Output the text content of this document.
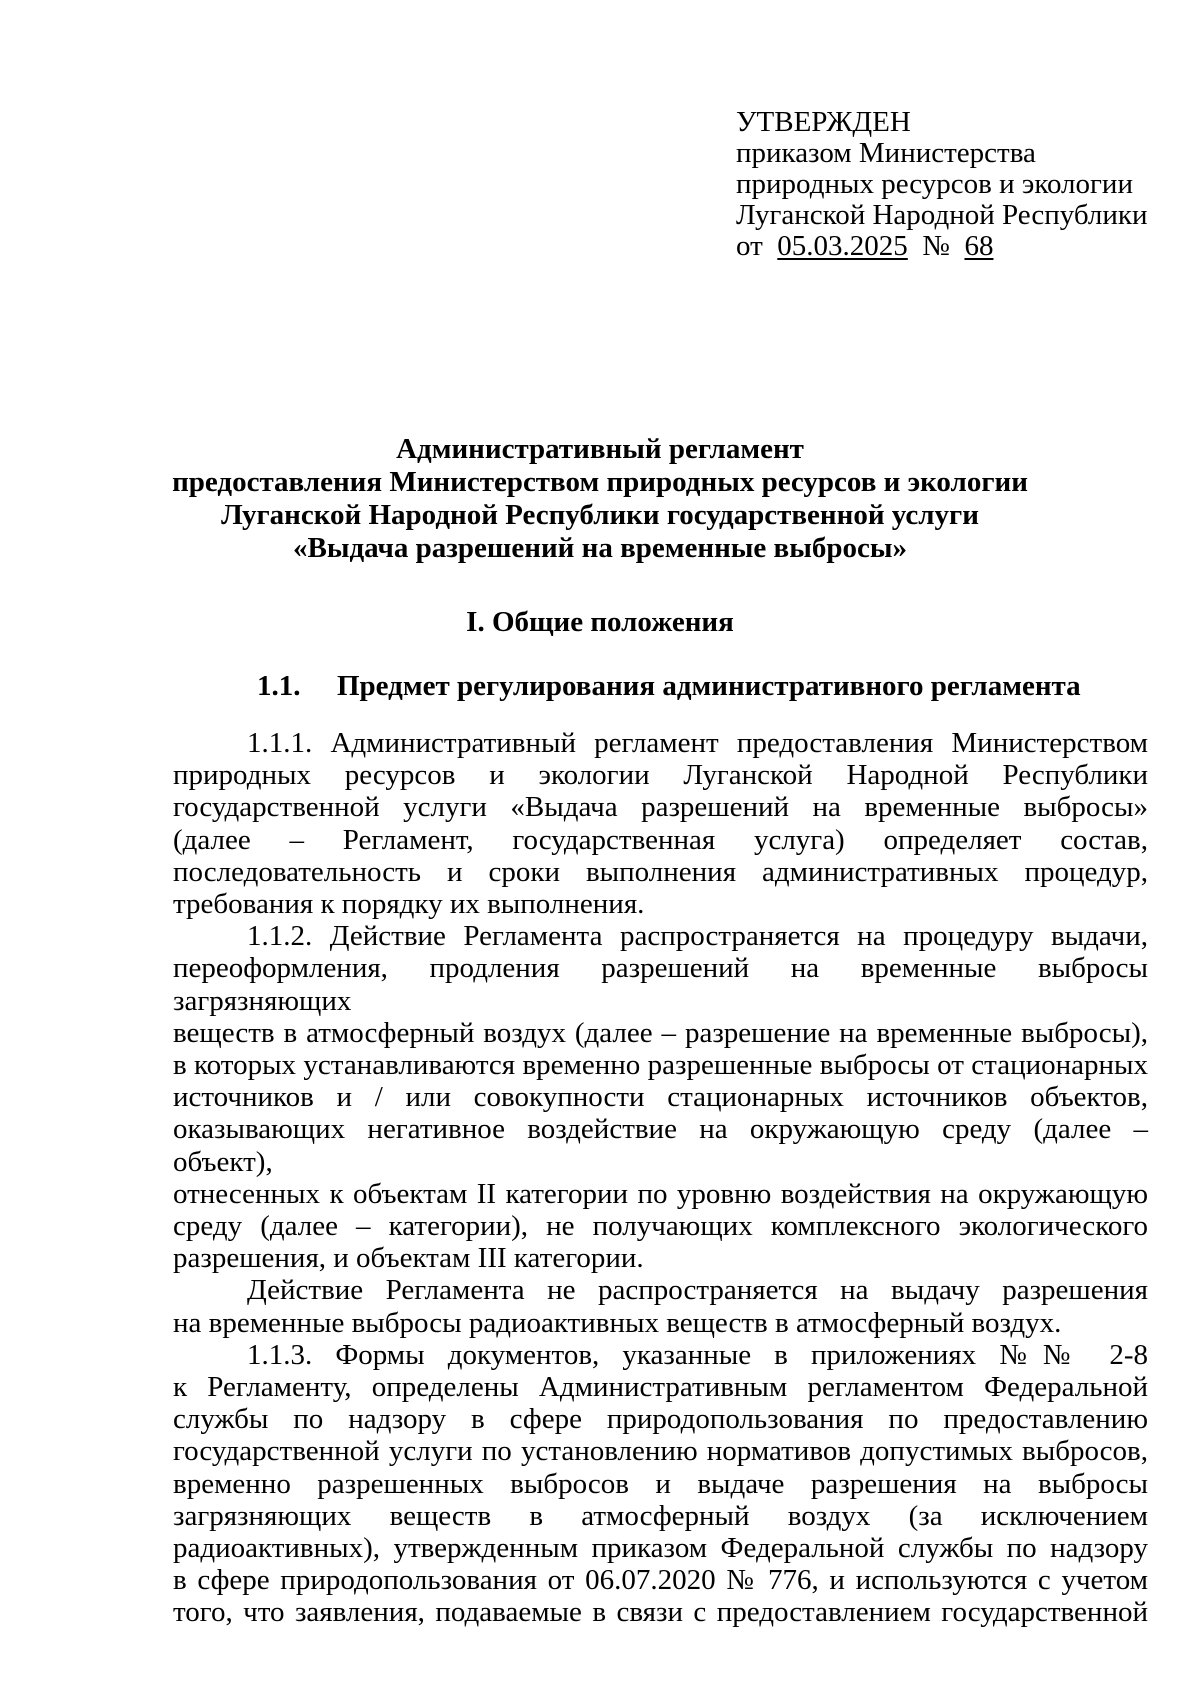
УТВЕРЖДЕН
приказом Министерства
природных ресурсов и экологии
Луганской Народной Республики
от 05.03.2025 № 68
Административный регламент
предоставления Министерством природных ресурсов и экологии
Луганской Народной Республики государственной услуги
«Выдача разрешений на временные выбросы»
I. Общие положения
1.1. Предмет регулирования административного регламента

1.1.1. Административный регламент предоставления Министерством

природных ресурсов и экологии Луганской Народной Республики

государственной услуги «Выдача разрешений на временные выбросы»

(далее – Регламент, государственная услуга) определяет состав,

последовательность и сроки выполнения административных процедур,

требования к порядку их выполнения.

1.1.2. Действие Регламента распространяется на процедуру выдачи,

переоформления, продления разрешений на временные выбросы загрязняющих

веществ в атмосферный воздух (далее – разрешение на временные выбросы),

в которых устанавливаются временно разрешенные выбросы от стационарных

источников и / или совокупности стационарных источников объектов,

оказывающих негативное воздействие на окружающую среду (далее – объект),

отнесенных к объектам II категории по уровню воздействия на окружающую

среду (далее – категории), не получающих комплексного экологического

разрешения, и объектам III категории.

Действие Регламента не распространяется на выдачу разрешения

на временные выбросы радиоактивных веществ в атмосферный воздух.

1.1.3. Формы документов, указанные в приложениях №№ 2-8

к Регламенту, определены Административным регламентом Федеральной

службы по надзору в сфере природопользования по предоставлению

государственной услуги по установлению нормативов допустимых выбросов,

временно разрешенных выбросов и выдаче разрешения на выбросы

загрязняющих веществ в атмосферный воздух (за исключением

радиоактивных), утвержденным приказом Федеральной службы по надзору

в сфере природопользования от 06.07.2020 № 776, и используются с учетом

того, что заявления, подаваемые в связи с предоставлением государственной
